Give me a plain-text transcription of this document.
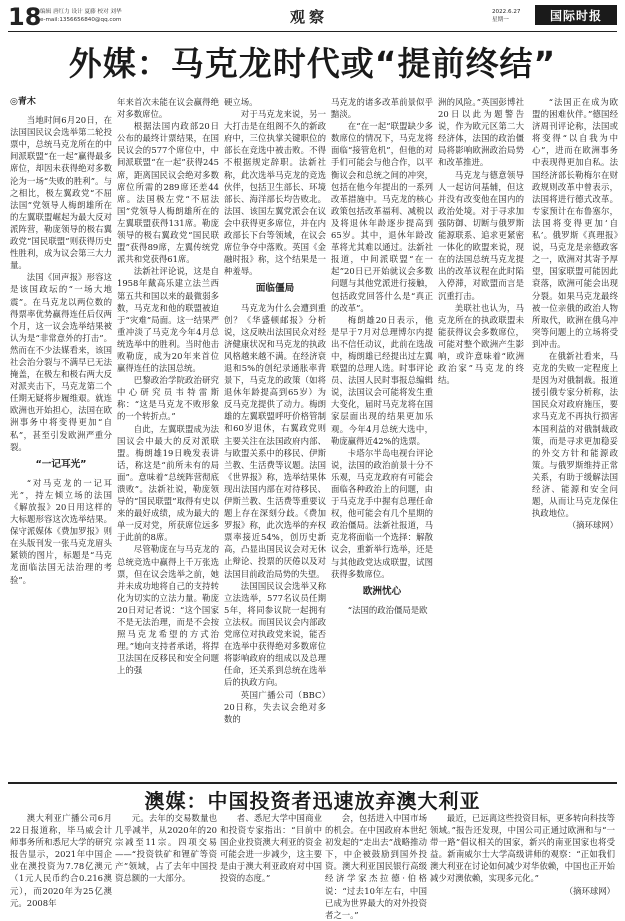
18
编辑 唐红力 设计 夏藤 校对 刘华
e-mail:1356656840@qq.com	观察	2022.6.27
星期一	国际时报
外媒：马克龙时代或“提前终结”

◎青木

当地时间6月20日，在法国国民议会选举第二轮投票中，总统马克龙所在的中间派联盟“在一起”赢得最多席位，却因未获得绝对多数沦为一场“失败的胜利”。与之相比，极左翼政党“不屈法国”党领导人梅朗雄所在的左翼联盟崛起为最大反对派阵营，勒庞领导的极右翼政党“国民联盟”则获得历史性胜利，成为议会第三大力量。

法国《回声报》形容这是该国政坛的“一场大地震”。在马克龙以两位数的得票率优势赢得连任后仅两个月，这一议会选举结果被认为是“非常意外的打击”。然而在不少法媒看来，该国社会治分裂与不满早已无法掩盖，在极左和极右两大反对派夹击下，马克龙第二个任期无疑将步履维艰。就连欧洲也开始担心，法国在欧洲事务中将变得更加“自私”，甚至引发欧洲严重分裂。

“一记耳光”

“对马克龙的一记耳光”，持左倾立场的法国《解放报》20日用这样的大标题形容这次选举结果。保守派媒体《费加罗报》则在头版刊发一张马克龙眉头紧锁的图片，标题是“马克龙面临法国无法治理的考验”。

年来首次未能在议会赢得绝对多数席位。

根据法国内政部20日公布的最终计票结果，在国民议会的577个席位中，中间派联盟“在一起”获得245席，距离国民议会绝对多数席位所需的289席还差44席。法国极左党“不屈法国”党领导人梅朗雄所在的左翼联盟获得131席。勒庞领导的极右翼政党“国民联盟”获得89席，左翼传统党派共和党获得61席。

法新社评论说，这是自1958年戴高乐建立法兰西第五共和国以来的最微弱多数，马克龙和他的联盟被迫于“灾难”局面。这一结果严重冲淡了马克龙今年4月总统选举中的胜利。当时他击败勒庞，成为20年来首位赢得连任的法国总统。

巴黎政治学院政治研究中心研究员韦特雷斯称：“这是马克龙不败形象的一个转折点。”

自此，左翼联盟成为法国议会中最大的反对派联盟。梅朗雄19日晚发表讲话，称这是“前所未有的局面”。意味着“总统阵营彻底溃败”。法新社说，勒庞领导的“国民联盟”取得有史以来的最好成绩，成为最大的单一反对党，所获席位远多于此前的8席。

尽管勒庞在与马克龙的总统竞选中赢得上千万张选票，但在议会选举之前，她并未成功地将自己的支持转化为切实的立法力量。勒庞20日对记者说：“这个国家不是无法治理，而是不会按照马克龙希望的方式治理。”她向支持者承诺，将捍卫法国在反移民和安全问题上的强

硬立场。

对于马克龙来说，另一大打击是在组阁不久的新政府中，三位执掌关键职位的部长在竞选中被击败。不得不根据规定辞职。法新社称，此次选举马克龙的竞选伙伴，包括卫生部长、环境部长、海洋部长均告败北。法国、该国左翼党派会在议会中获得更多席位，并在内政部长下台等领域，在议会席位争夺中落败。英国《金融时报》称，这个结果是一种羞辱。

面临僵局

马克龙为什么会遭到重创？《华盛顿邮报》分析说，这反映出法国民众对经济健康状况和马克龙的执政风格越来越不满。在经济衰退和5%的创纪录通胀率背景下，马克龙的政策（如将退休年龄提高到65岁）为反马克龙提供了动力。梅朗雄的左翼联盟呼吁价格管制和60岁退休，右翼政党则主要关注在法国政府内部、与欧盟关系中的移民、伊斯兰教、生活费等议题。法国《世界报》称，选举结果体现出法国内部在对待移民、伊斯兰教、生活费等重要议题上存在深刻分歧。《费加罗报》称，此次选举的弃权票率接近54%，创历史新高，凸显出国民议会对无休止辩论、投票的厌倦以及对法国目前政治局势的失望。

法国国民议会选举又称立法选举，577名议员任期5年，将同参议院一起拥有立法权。而国民议会内部政党席位对执政党来说，能否在选举中获得绝对多数席位将影响政府的组成以及总理任命，还关系到总统在选举后的执政方向。

英国广播公司（BBC）20日称，失去议会绝对多数的

马克龙的诸多改革前景似乎黯淡。

在“在一起”联盟缺少多数席位的情况下，马克龙将面临“接管危机”，但他的对手们可能会与他合作，以平衡议会和总统之间的冲突，包括在他今年提出的一系列改革措施中。马克龙的核心政策包括改革福利、减税以及将退休年龄逐步提高到65岁。其中，退休年龄改革将尤其难以通过。法新社报道，中间派联盟“在一起”20日已开始就议会多数问题与其他党派进行接触，包括政党回答什么是“真正的改革”。

梅朗雄20日表示，他是早于7月对总理博尔内提出不信任动议，此前在选战中，梅朗雄已经提出过左翼联盟的总理人选。时事评论员、法国人民时事报总编辑说，法国议会可能将发生重大变化，届时马克龙将在国家层面出现的结果更加乐观。今年4月总统大选中，勒庞赢得近42%的选票。

卡塔尔半岛电视台评论说，法国的政治前景十分不乐观，马克龙政府有可能会面临各种政治上的问题，由于马克龙手中握有总理任命权，他可能会有几个星期的政治僵局。法新社报道，马克龙将面临一个选择：解散议会，重新举行选举，还是与其他政党达成联盟，试图获得多数席位。

欧洲忧心

“法国的政治僵局是欧

洲的风险。”英国彭博社20日以此为题警告说，作为欧元区第二大经济体，法国的政治僵局将影响欧洲政治局势和改革推进。

马克龙与德意领导人一起访问基辅，但这并没有改变他在国内的政治处境。对于寻求加强防御、切断与俄罗斯能源联系、追求更紧密一体化的欧盟来说，现在的法国总统马克龙提出的改革议程在此时陷入停滞，对欧盟而言是沉重打击。

美联社也认为，马克龙所在的执政联盟未能获得议会多数席位，可能对整个欧洲产生影响，或许意味着“欧洲政治家”马克龙的终结。

“法国正在成为欧盟的困难伙伴。”德国经济周刊评论称，法国或将变得“以自我为中心”，进而在欧洲事务中表现得更加自私。法国经济部长勒梅尔在财政规则改革中曾表示，法国将进行德式改革。专家预计在布鲁塞尔，法国将变得更加‘自私’。俄罗斯《真理报》说，马克龙是亲德政客之一，欧洲对其寄予厚望，国家联盟可能因此衰落，欧洲可能会出现分裂。如果马克龙最终被一位亲俄的政治人物所取代，欧洲在俄乌冲突等问题上的立场将受到冲击。

在俄新社看来，马克龙的失败一定程度上是因为对俄制裁。报道援引俄专家分析称，法国民众对政府施压，要求马克龙不再执行损害本国利益的对俄制裁政策，而是寻求更加稳妥的外交方针和能源政策。与俄罗斯维持正常关系，有助于缓解法国经济、能源和安全问题，从而让马克龙保住执政地位。

（摘环球网）

澳媒：中国投资者迅速放弃澳大利亚

澳大利亚广播公司6月22日报道称，毕马威会计师事务所和悉尼大学的研究报告显示，2021年中国企业在澳投资为7.78亿澳元（1元人民币约合0.216澳元），而2020年为25亿澳元。2008年

元。去年的交易数量也几乎减半，从2020年的20宗减至11宗。四项交易——“投资铁矿和锂矿等资产”领域，占了去年中国投资总额的一大部分。

者、悉尼大学中国商业和投资专家指出：“目前中国企业投资澳大利亚的资金可能会进一步减少，这主要是由于澳大利亚政府对中国投资的态度。”

会，包括进入中国市场的机会。在中国政府本世纪初发起的“走出去”战略推动下，中企被鼓励到国外投资。澳大利亚国民银行高级经济学家杰拉德·伯格说：“过去10年左右，中国已成为世界最大的对外投资者之一。”

最近，已远离这些投资目标，更多转向科技等领域。”报告还发现，中国公司正通过欧洲和与“一带一路”倡议相关的国家，新兴的南亚国家也将受益。新南威尔士大学高级讲师的观察：“正如我们澳大利亚在讨论如何减少对华依赖，中国也正开始减少对澳依赖，实现多元化。”

（摘环球网）
